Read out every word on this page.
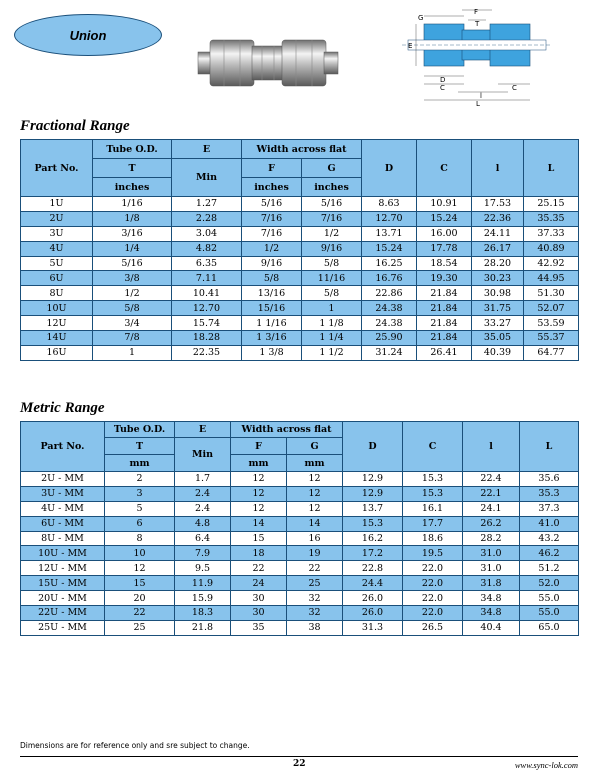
Union
G
F
T
E
D
C	C
l
L
Fractional Range
Part No.	Tube O.D.	E	Width across flat		D	C	l	L
	T	Min	F	G				
	inches		inches	inches				
1U	1/16	1.27	5/16	5/16	8.63	10.91	17.53	25.15
2U	1/8	2.28	7/16	7/16	12.70	15.24	22.36	35.35
3U	3/16	3.04	7/16	1/2	13.71	16.00	24.11	37.33
4U	1/4	4.82	1/2	9/16	15.24	17.78	26.17	40.89
5U	5/16	6.35	9/16	5/8	16.25	18.54	28.20	42.92
6U	3/8	7.11	5/8	11/16	16.76	19.30	30.23	44.95
8U	1/2	10.41	13/16	5/8	22.86	21.84	30.98	51.30
10U	5/8	12.70	15/16	1	24.38	21.84	31.75	52.07
12U	3/4	15.74	1 1/16	1 1/8	24.38	21.84	33.27	53.59
14U	7/8	18.28	1 3/16	1 1/4	25.90	21.84	35.05	55.37
16U	1	22.35	1 3/8	1 1/2	31.24	26.41	40.39	64.77
Metric Range
Part No.	Tube O.D.	E	Width across flat		D	C	l	L
	T	Min	F	G				
	mm		mm	mm				
2U - MM	2	1.7	12	12	12.9	15.3	22.4	35.6
3U - MM	3	2.4	12	12	12.9	15.3	22.1	35.3
4U - MM	5	2.4	12	12	13.7	16.1	24.1	37.3
6U - MM	6	4.8	14	14	15.3	17.7	26.2	41.0
8U - MM	8	6.4	15	16	16.2	18.6	28.2	43.2
10U - MM	10	7.9	18	19	17.2	19.5	31.0	46.2
12U - MM	12	9.5	22	22	22.8	22.0	31.0	51.2
15U - MM	15	11.9	24	25	24.4	22.0	31.8	52.0
20U - MM	20	15.9	30	32	26.0	22.0	34.8	55.0
22U - MM	22	18.3	30	32	26.0	22.0	34.8	55.0
25U - MM	25	21.8	35	38	31.3	26.5	40.4	65.0
Dimensions are for reference only and sre subject to change.
22	www.sync-lok.com
